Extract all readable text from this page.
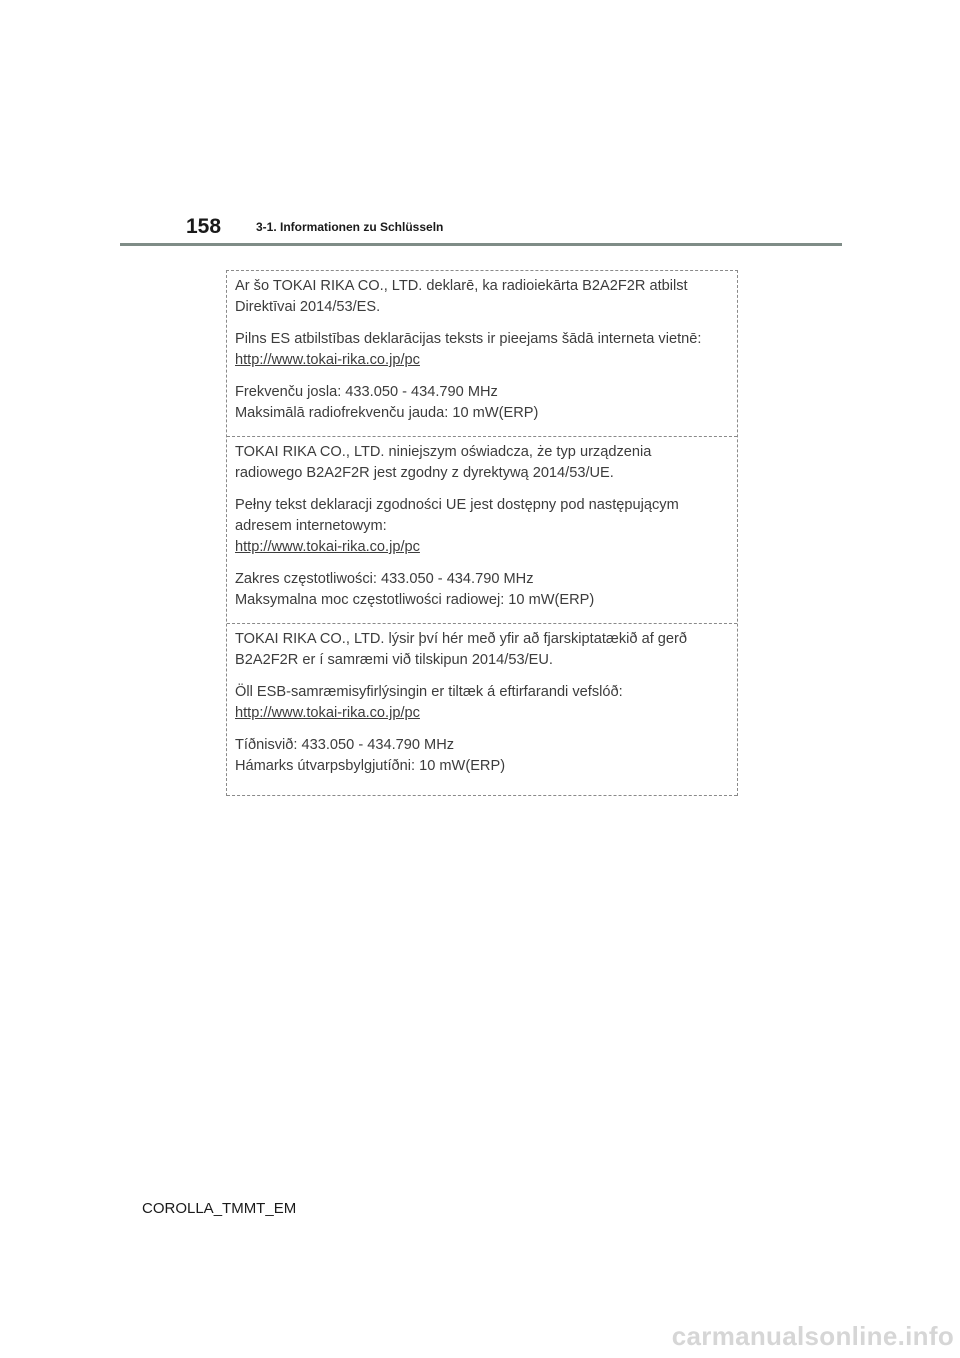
158	3-1. Informationen zu Schlüsseln

Ar šo TOKAI RIKA CO., LTD. deklarē, ka radioiekārta B2A2F2R atbilst Direktīvai 2014/53/ES.

Pilns ES atbilstības deklarācijas teksts ir pieejams šādā interneta vietnē:

http://www.tokai-rika.co.jp/pc

Frekvenču josla: 433.050 - 434.790 MHz
Maksimālā radiofrekvenču jauda: 10 mW(ERP)

TOKAI RIKA CO., LTD. niniejszym oświadcza, że typ urządzenia radiowego B2A2F2R jest zgodny z dyrektywą 2014/53/UE.

Pełny tekst deklaracji zgodności UE jest dostępny pod następującym adresem internetowym:

http://www.tokai-rika.co.jp/pc

Zakres częstotliwości: 433.050 - 434.790 MHz
Maksymalna moc częstotliwości radiowej: 10 mW(ERP)

TOKAI RIKA CO., LTD. lýsir því hér með yfir að fjarskiptatækið af gerð B2A2F2R er í samræmi við tilskipun 2014/53/EU.

Öll ESB-samræmisyfirlýsingin er tiltæk á eftirfarandi vefslóð:

http://www.tokai-rika.co.jp/pc

Tíðnisvið: 433.050 - 434.790 MHz
Hámarks útvarpsbylgjutíðni: 10 mW(ERP)

COROLLA_TMMT_EM
carmanualsonline.info
